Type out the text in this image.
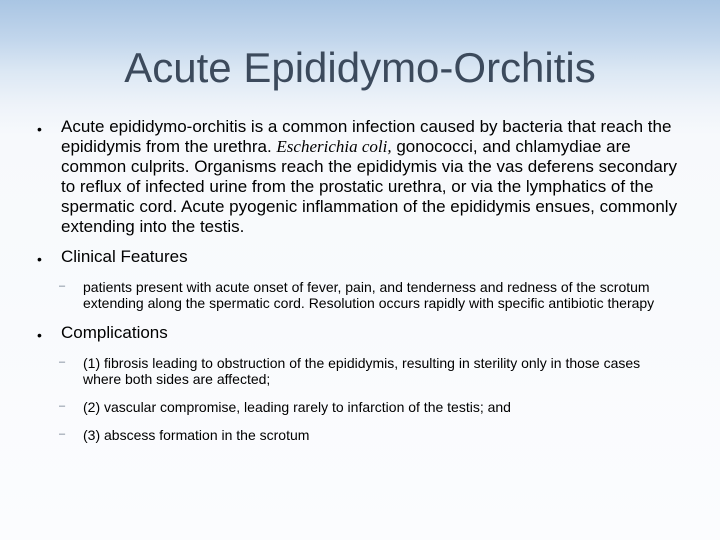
Acute Epididymo-Orchitis
• Acute epididymo-orchitis is a common infection caused by bacteria that reach the epididymis from the urethra. Escherichia coli, gonococci, and chlamydiae are common culprits. Organisms reach the epididymis via the vas deferens secondary to reflux of infected urine from the prostatic urethra, or via the lymphatics of the spermatic cord. Acute pyogenic inflammation of the epididymis ensues, commonly extending into the testis.
• Clinical Features
– patients present with acute onset of fever, pain, and tenderness and redness of the scrotum extending along the spermatic cord. Resolution occurs rapidly with specific antibiotic therapy
• Complications
– (1) fibrosis leading to obstruction of the epididymis, resulting in sterility only in those cases where both sides are affected;
– (2) vascular compromise, leading rarely to infarction of the testis; and
– (3) abscess formation in the scrotum
